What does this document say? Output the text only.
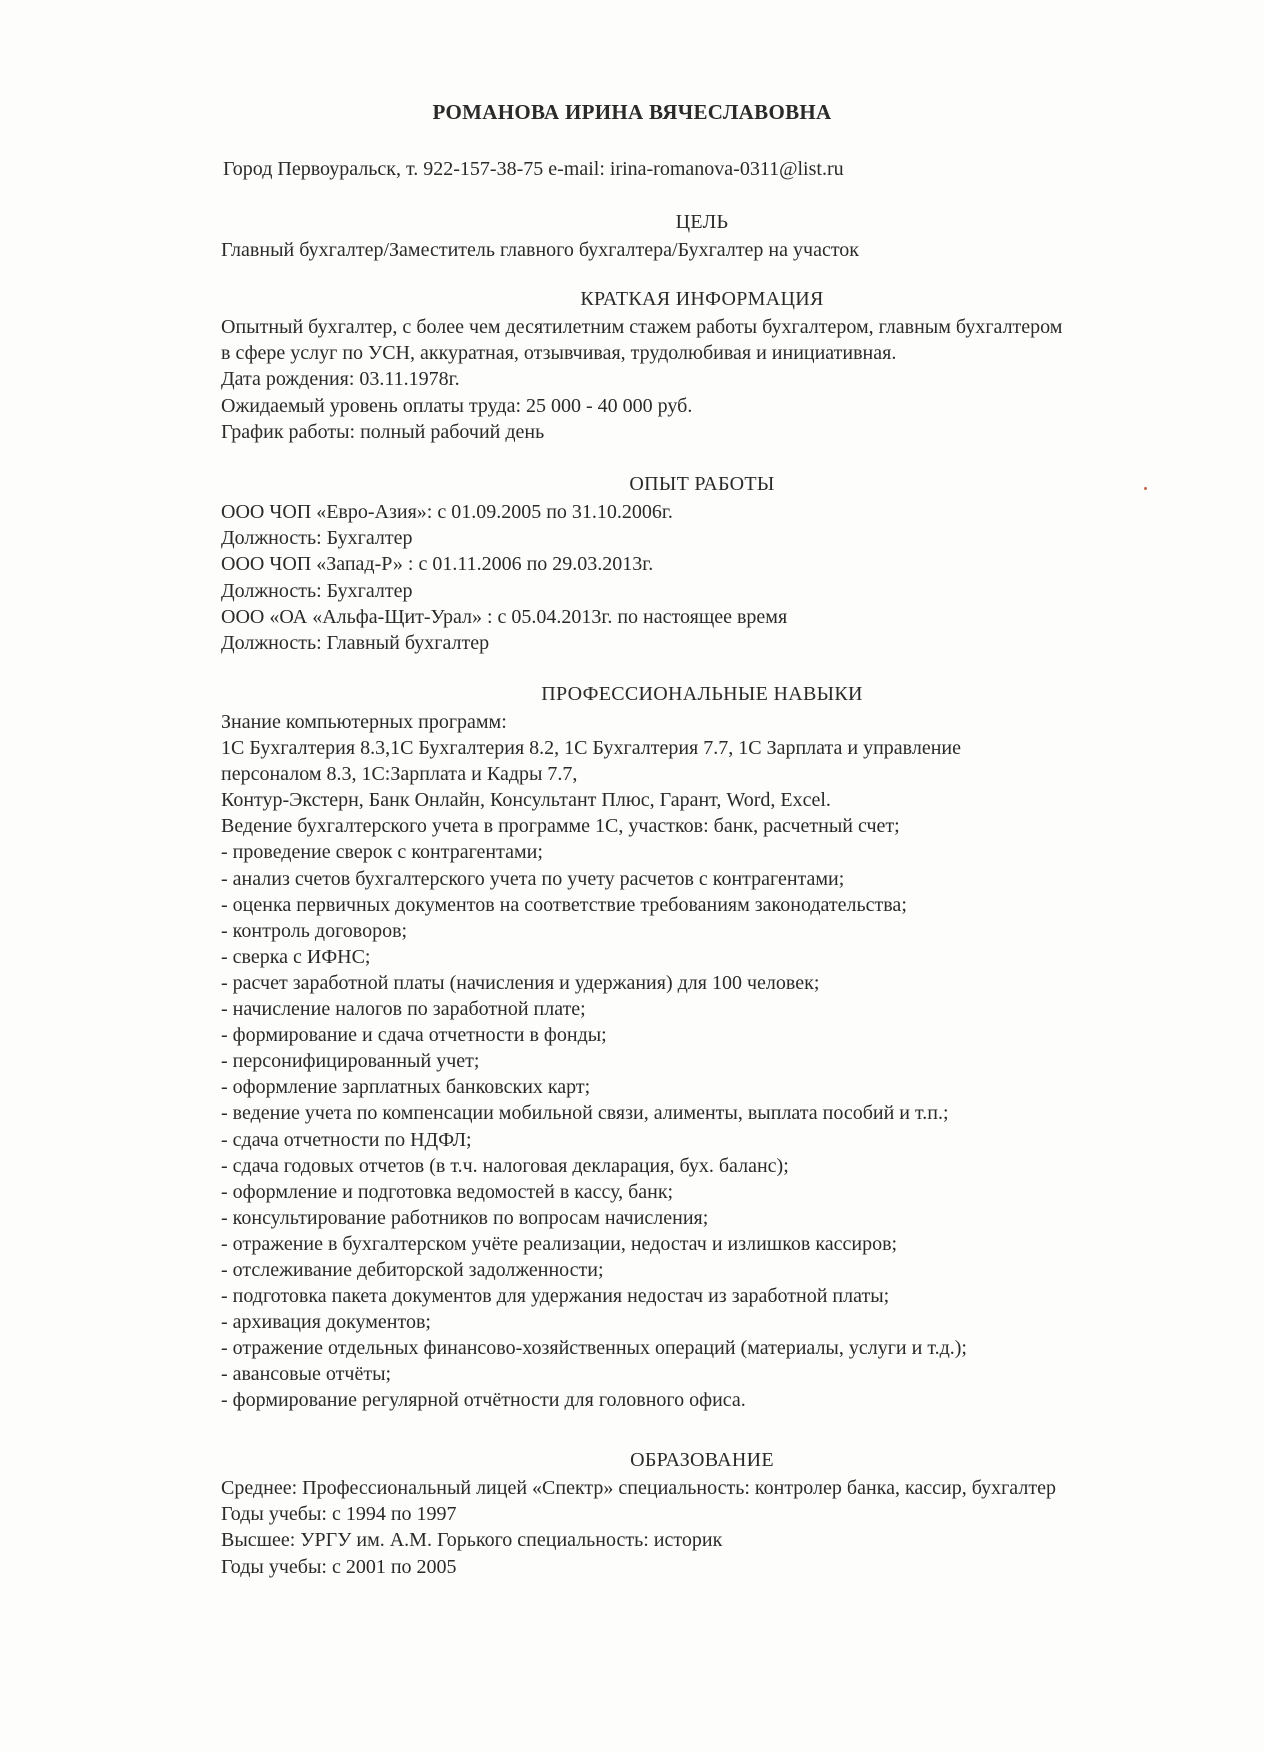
РОМАНОВА ИРИНА ВЯЧЕСЛАВОВНА
Город Первоуральск, т. 922-157-38-75 e-mail: irina-romanova-0311@list.ru
ЦЕЛЬ
Главный бухгалтер/Заместитель главного бухгалтера/Бухгалтер на участок
КРАТКАЯ ИНФОРМАЦИЯ
Опытный бухгалтер, с более чем десятилетним стажем работы бухгалтером, главным бухгалтером
в сфере услуг по УСН, аккуратная, отзывчивая, трудолюбивая и инициативная.
Дата рождения: 03.11.1978г.
Ожидаемый уровень оплаты труда: 25 000 - 40 000 руб.
График работы: полный рабочий день
ОПЫТ РАБОТЫ
ООО ЧОП «Евро-Азия»: с 01.09.2005 по 31.10.2006г.
Должность: Бухгалтер
ООО ЧОП «Запад-Р» : с 01.11.2006 по 29.03.2013г.
Должность: Бухгалтер
ООО «ОА «Альфа-Щит-Урал» : с 05.04.2013г. по настоящее время
Должность: Главный бухгалтер
ПРОФЕССИОНАЛЬНЫЕ НАВЫКИ
Знание компьютерных программ:
1С Бухгалтерия 8.3,1С Бухгалтерия 8.2, 1С Бухгалтерия 7.7, 1С Зарплата и управление
персоналом 8.3, 1С:Зарплата и Кадры 7.7,
Контур-Экстерн, Банк Онлайн, Консультант Плюс, Гарант, Word, Excel.
Ведение бухгалтерского учета в программе 1С, участков: банк, расчетный счет;
- проведение сверок с контрагентами;
- анализ счетов бухгалтерского учета по учету расчетов с контрагентами;
- оценка первичных документов на соответствие требованиям законодательства;
- контроль договоров;
- сверка с ИФНС;
- расчет заработной платы (начисления и удержания) для 100 человек;
- начисление налогов по заработной плате;
- формирование и сдача отчетности в фонды;
- персонифицированный учет;
- оформление зарплатных банковских карт;
- ведение учета по компенсации мобильной связи, алименты, выплата пособий и т.п.;
- сдача отчетности по НДФЛ;
- сдача годовых отчетов (в т.ч. налоговая декларация, бух. баланс);
- оформление и подготовка ведомостей в кассу, банк;
- консультирование работников по вопросам начисления;
- отражение в бухгалтерском учёте реализации, недостач и излишков кассиров;
- отслеживание дебиторской задолженности;
- подготовка пакета документов для удержания недостач из заработной платы;
- архивация документов;
- отражение отдельных финансово-хозяйственных операций (материалы, услуги и т.д.);
- авансовые отчёты;
- формирование регулярной отчётности для головного офиса.
ОБРАЗОВАНИЕ
Среднее: Профессиональный лицей «Спектр» специальность: контролер банка, кассир, бухгалтер
Годы учебы: с 1994 по 1997
Высшее: УРГУ им. А.М. Горького специальность: историк
Годы учебы: с 2001 по 2005
